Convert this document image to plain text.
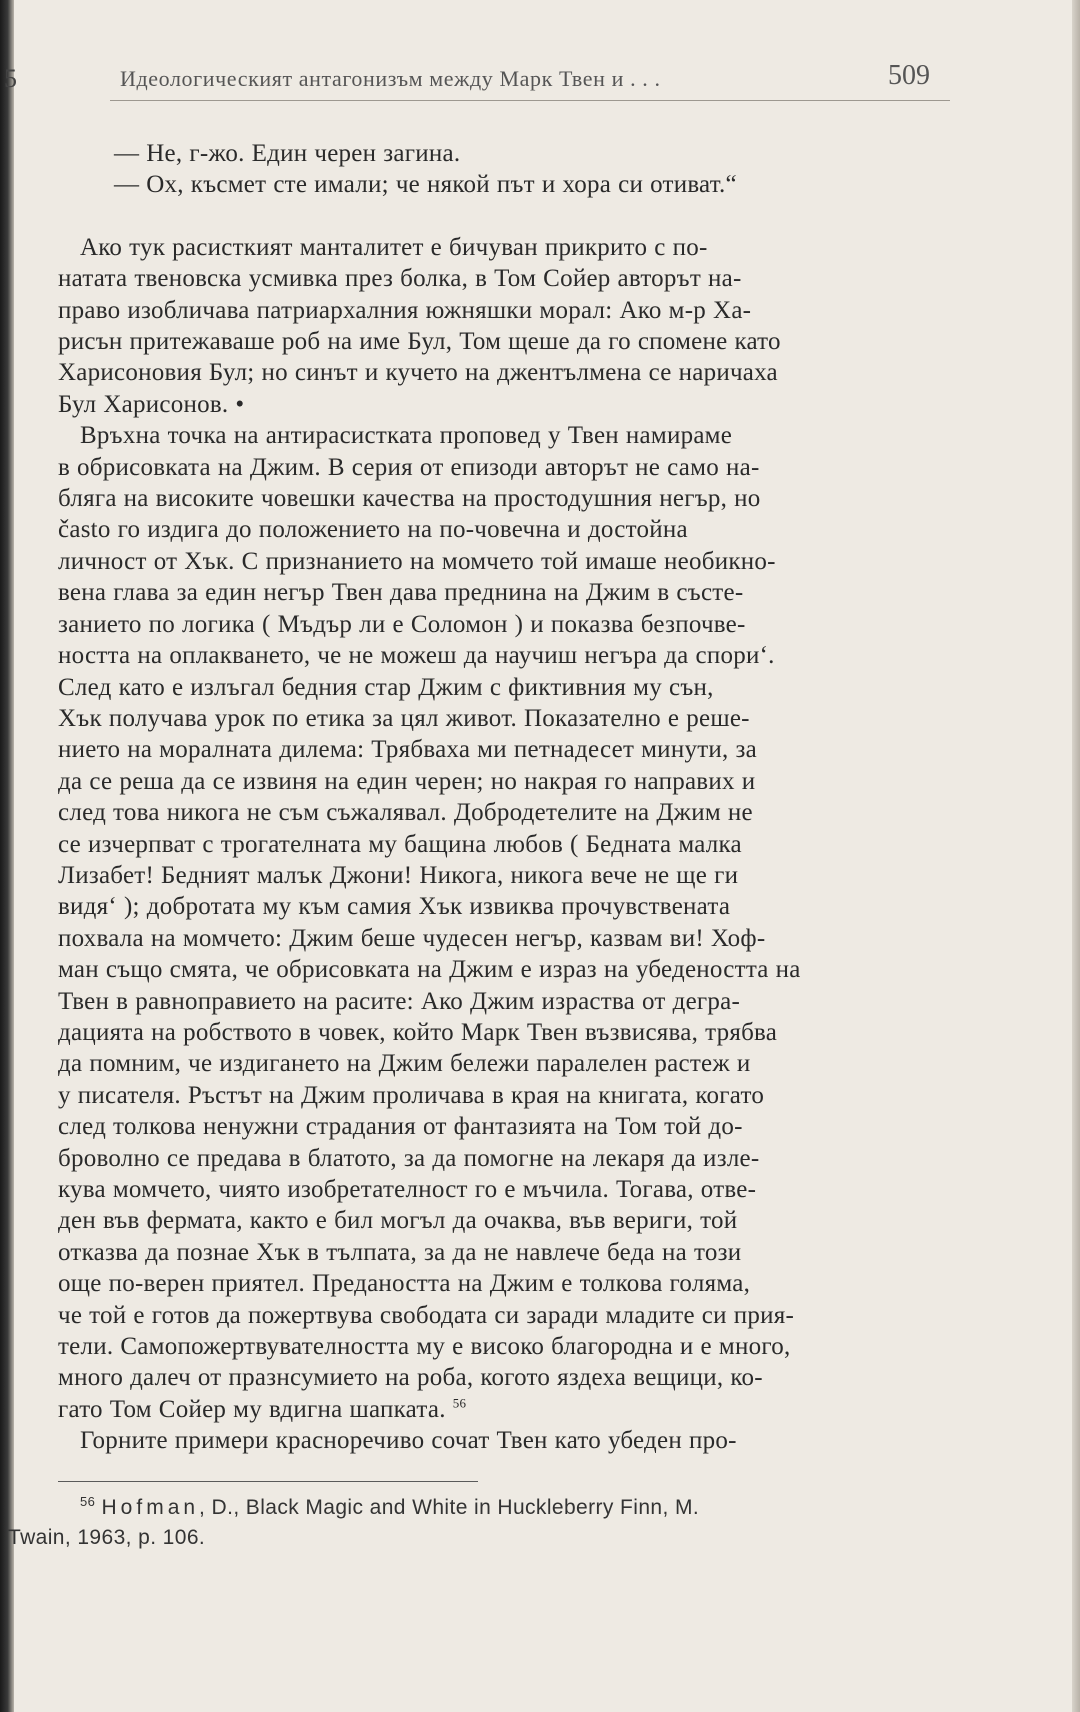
5	Идеологическият антагонизъм между Марк Твен и . . .	509
— Не, г-жо. Един черен загина.
— Ох, късмет сте имали; че някой път и хора си отиват.“
Ако тук расисткият манталитет е бичуван прикрито с по-
натата твеновска усмивка през болка, в Том Сойер авторът на-
право изобличава патриархалния южняшки морал: Ако м-р Ха-
рисън притежаваше роб на име Бул, Том щеше да го спомене като
Харисоновия Бул; но синът и кучето на джентълмена се наричаха
Бул Харисонов. •
Връхна точка на антирасистката проповед у Твен намираме
в обрисовката на Джим. В серия от епизоди авторът не само на-
бляга на високите човешки качества на простодушния негър, но
často го издига до положението на по-човечна и достойна
личност от Хък. С признанието на момчето той имаше необикно-
вена глава за един негър Твен дава преднина на Джим в състе-
занието по логика ( Мъдър ли е Соломон ) и показва безпочве-
ността на оплакването, че не можеш да научиш негъра да спори‘.
След като е излъгал бедния стар Джим с фиктивния му сън,
Хък получава урок по етика за цял живот. Показателно е реше-
нието на моралната дилема: Трябваха ми петнадесет минути, за
да се реша да се извиня на един черен; но накрая го направих и
след това никога не съм съжалявал. Добродетелите на Джим не
се изчерпват с трогателната му бащина любов ( Бедната малка
Лизабет! Бедният малък Джони! Никога, никога вече не ще ги
видя‘ ); добротата му към самия Хък извиква прочувствената
похвала на момчето: Джим беше чудесен негър, казвам ви! Хоф-
ман също смята, че обрисовката на Джим е израз на убедеността на
Твен в равноправието на расите: Ако Джим израства от дегра-
дацията на робството в човек, който Марк Твен възвисява, трябва
да помним, че издигането на Джим бележи паралелен растеж и
у писателя. Ръстът на Джим проличава в края на книгата, когато
след толкова ненужни страдания от фантазията на Том той до-
броволно се предава в блатото, за да помогне на лекаря да изле-
кува момчето, чиято изобретателност го е мъчила. Тогава, отве-
ден във фермата, както е бил могъл да очаква, във вериги, той
отказва да познае Хък в тълпата, за да не навлече беда на този
още по-верен приятел. Предаността на Джим е толкова голяма,
че той е готов да пожертвува свободата си заради младите си прия-
тели. Самопожертвувателността му е високо благородна и е много,
много далеч от празнсумието на роба, когото яздеха вещици, ко-
гато Том Сойер му вдигна шапката. $^{56}$
Горните примери красноречиво сочат Твен като убеден про-
$^{56}$ Hofman, D., Black Magic and White in Huckleberry Finn, M.
Twain, 1963, p. 106.
